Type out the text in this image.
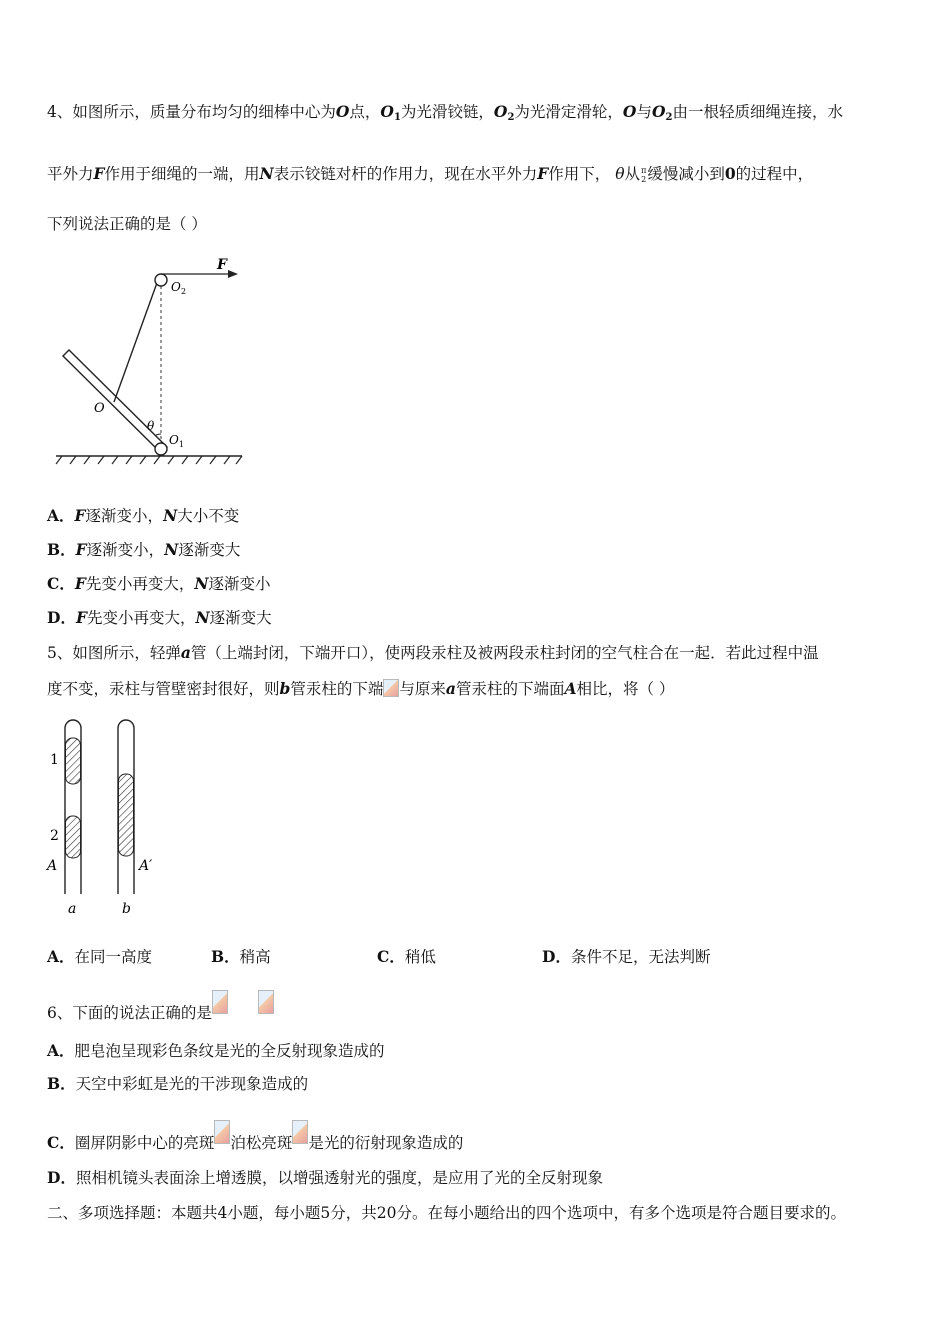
4、如图所示，质量分布均匀的细棒中心为O点，$O_1$为光滑铰链，$O_2$为光滑定滑轮，O与$O_2$由一根轻质细绳连接，水
平外力F作用于细绳的一端，用N表示铰链对杆的作用力，现在水平外力F作用下， θ从 π
2 缓慢减小到0的过程中，
下列说法正确的是（ ）
F
O 2
O
θ
O 1
A．F逐渐变小，N大小不变
B．F逐渐变小，N逐渐变大
C．F先变小再变大，N逐渐变小
D．F先变小再变大，N逐渐变大
5、如图所示，轻弹a管（上端封闭，下端开口），使两段汞柱及被两段汞柱封闭的空气柱合在一起．若此过程中温
度不变，汞柱与管壁密封很好，则b管汞柱的下端 与原来a管汞柱的下端面A相比，将（ ）
1
2
A	A′
a	b
A．在同一高度	B．稍高	C．稍低	D．条件不足，无法判断
6、下面的说法正确的是
A．肥皂泡呈现彩色条纹是光的全反射现象造成的
B．天空中彩虹是光的干涉现象造成的
C．圈屏阴影中心的亮斑 泊松亮斑 是光的衍射现象造成的
D．照相机镜头表面涂上增透膜，以增强透射光的强度，是应用了光的全反射现象
二、多项选择题：本题共4小题，每小题5分，共20分。在每小题给出的四个选项中，有多个选项是符合题目要求的。
